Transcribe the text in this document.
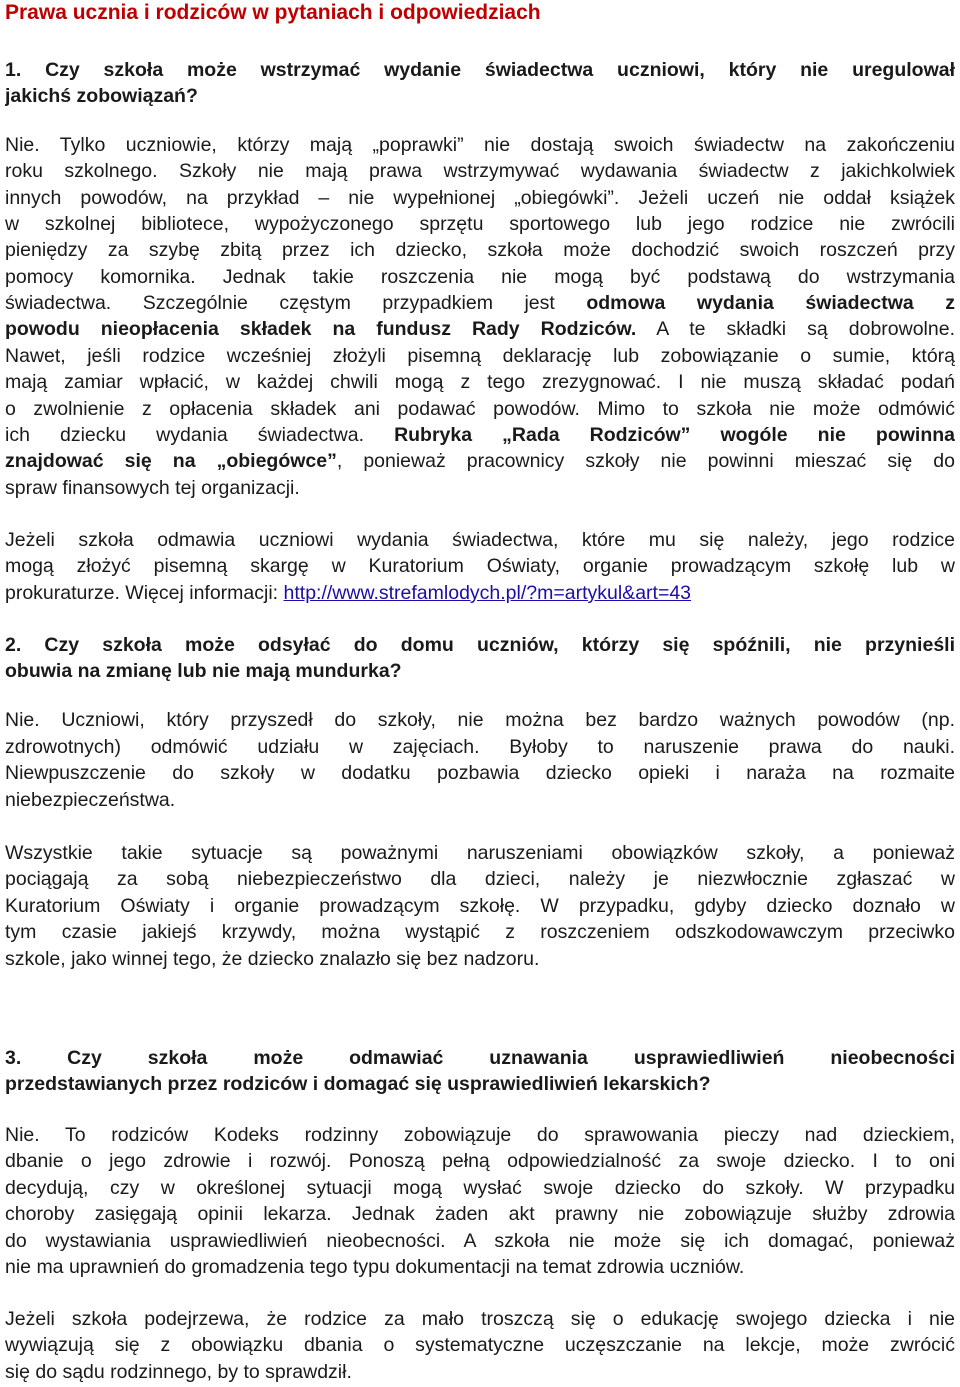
Prawa ucznia i rodziców w pytaniach i odpowiedziach

1. Czy szkoła może wstrzymać wydanie świadectwa uczniowi, który nie uregulował

jakichś zobowiązań?

Nie. Tylko uczniowie, którzy mają „poprawki” nie dostają swoich świadectw na zakończeniu

roku szkolnego. Szkoły nie mają prawa wstrzymywać wydawania świadectw z jakichkolwiek

innych powodów, na przykład – nie wypełnionej „obiegówki”. Jeżeli uczeń nie oddał książek

w szkolnej bibliotece, wypożyczonego sprzętu sportowego lub jego rodzice nie zwrócili

pieniędzy za szybę zbitą przez ich dziecko, szkoła może dochodzić swoich roszczeń przy

pomocy komornika. Jednak takie roszczenia nie mogą być podstawą do wstrzymania

świadectwa. Szczególnie częstym przypadkiem jest odmowa wydania świadectwa z

powodu nieopłacenia składek na fundusz Rady Rodziców. A te składki są dobrowolne.

Nawet, jeśli rodzice wcześniej złożyli pisemną deklarację lub zobowiązanie o sumie, którą

mają zamiar wpłacić, w każdej chwili mogą z tego zrezygnować. I nie muszą składać podań

o zwolnienie z opłacenia składek ani podawać powodów. Mimo to szkoła nie może odmówić

ich dziecku wydania świadectwa. Rubryka „Rada Rodziców” wogóle nie powinna

znajdować się na „obiegówce”, ponieważ pracownicy szkoły nie powinni mieszać się do

spraw finansowych tej organizacji.

Jeżeli szkoła odmawia uczniowi wydania świadectwa, które mu się należy, jego rodzice

mogą złożyć pisemną skargę w Kuratorium Oświaty, organie prowadzącym szkołę lub w

prokuraturze. Więcej informacji: http://www.strefamlodych.pl/?m=artykul&art=43

2. Czy szkoła może odsyłać do domu uczniów, którzy się spóźnili, nie przynieśli

obuwia na zmianę lub nie mają mundurka?

Nie. Uczniowi, który przyszedł do szkoły, nie można bez bardzo ważnych powodów (np.

zdrowotnych) odmówić udziału w zajęciach. Byłoby to naruszenie prawa do nauki.

Niewpuszczenie do szkoły w dodatku pozbawia dziecko opieki i naraża na rozmaite

niebezpieczeństwa.

Wszystkie takie sytuacje są poważnymi naruszeniami obowiązków szkoły, a ponieważ

pociągają za sobą niebezpieczeństwo dla dzieci, należy je niezwłocznie zgłaszać w

Kuratorium Oświaty i organie prowadzącym szkołę. W przypadku, gdyby dziecko doznało w

tym czasie jakiejś krzywdy, można wystąpić z roszczeniem odszkodowawczym przeciwko

szkole, jako winnej tego, że dziecko znalazło się bez nadzoru.

3. Czy szkoła może odmawiać uznawania usprawiedliwień nieobecności

przedstawianych przez rodziców i domagać się usprawiedliwień lekarskich?

Nie. To rodziców Kodeks rodzinny zobowiązuje do sprawowania pieczy nad dzieckiem,

dbanie o jego zdrowie i rozwój. Ponoszą pełną odpowiedzialność za swoje dziecko. I to oni

decydują, czy w określonej sytuacji mogą wysłać swoje dziecko do szkoły. W przypadku

choroby zasięgają opinii lekarza. Jednak żaden akt prawny nie zobowiązuje służby zdrowia

do wystawiania usprawiedliwień nieobecności. A szkoła nie może się ich domagać, ponieważ

nie ma uprawnień do gromadzenia tego typu dokumentacji na temat zdrowia uczniów.

Jeżeli szkoła podejrzewa, że rodzice za mało troszczą się o edukację swojego dziecka i nie

wywiązują się z obowiązku dbania o systematyczne uczęszczanie na lekcje, może zwrócić

się do sądu rodzinnego, by to sprawdził.
